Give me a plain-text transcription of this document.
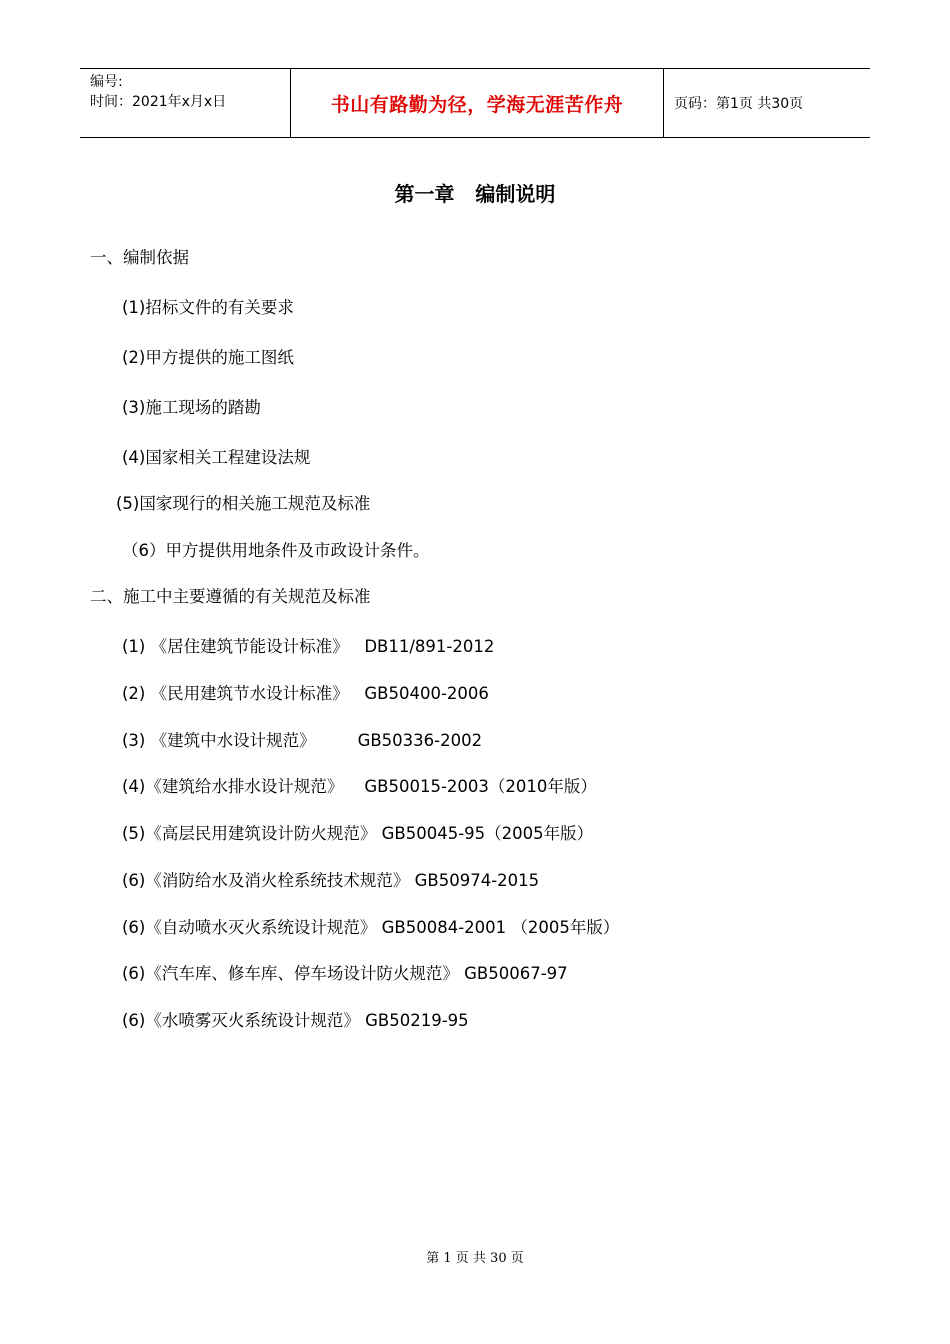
编号:
时间：2021年x月x日	书山有路勤为径，学海无涯苦作舟	页码：第1页 共30页
第一章   编制说明
一、编制依据
(1)招标文件的有关要求
(2)甲方提供的施工图纸
(3)施工现场的踏勘
(4)国家相关工程建设法规
(5)国家现行的相关施工规范及标准
（6）甲方提供用地条件及市政设计条件。
二、施工中主要遵循的有关规范及标准
(1) 《居住建筑节能设计标准》   DB11/891-2012
(2) 《民用建筑节水设计标准》   GB50400-2006
(3) 《建筑中水设计规范》        GB50336-2002
(4)《建筑给水排水设计规范》    GB50015-2003（2010年版）
(5)《高层民用建筑设计防火规范》 GB50045-95（2005年版）
(6)《消防给水及消火栓系统技术规范》 GB50974-2015
(6)《自动喷水灭火系统设计规范》 GB50084-2001 （2005年版）
(6)《汽车库、修车库、停车场设计防火规范》 GB50067-97
(6)《水喷雾灭火系统设计规范》 GB50219-95
第 1 页 共 30 页
